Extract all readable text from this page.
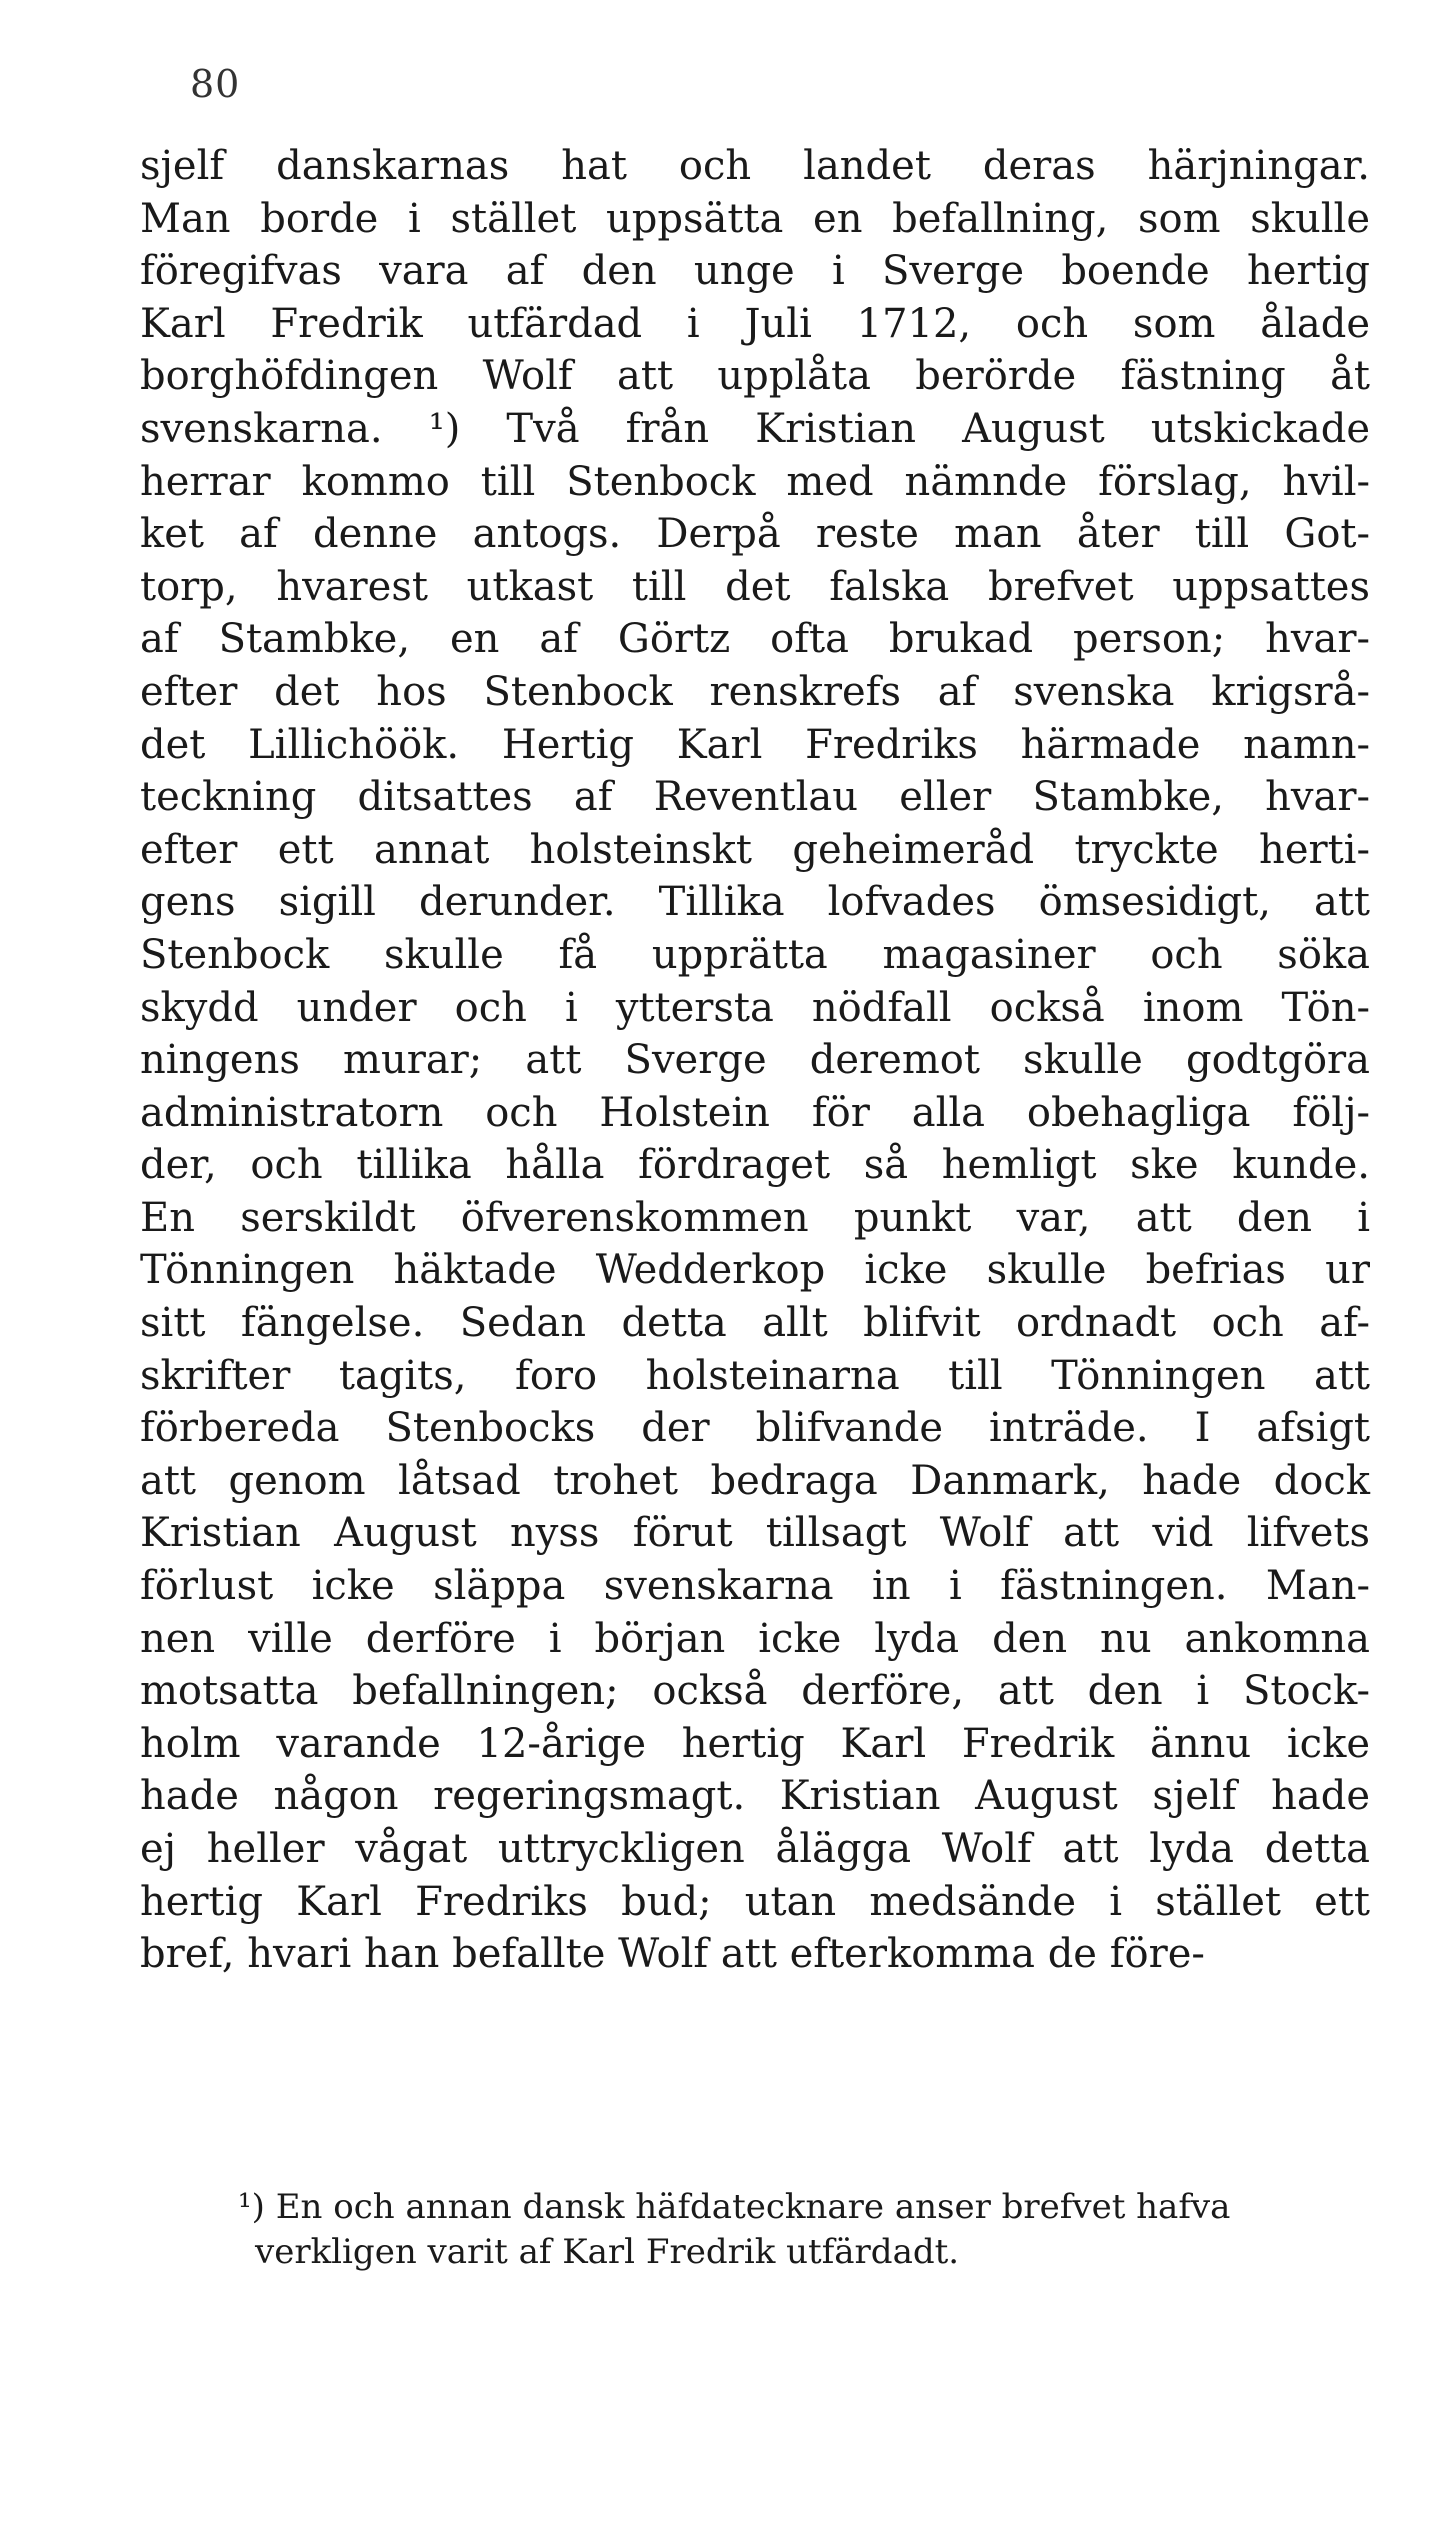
80
sjelf danskarnas hat och landet deras härjningar.
Man borde i stället uppsätta en befallning, som skulle
föregifvas vara af den unge i Sverge boende hertig
Karl Fredrik utfärdad i Juli 1712, och som ålade
borghöfdingen Wolf att upplåta berörde fästning åt
svenskarna. ¹) Två från Kristian August utskickade
herrar kommo till Stenbock med nämnde förslag, hvil-
ket af denne antogs. Derpå reste man åter till Got-
torp, hvarest utkast till det falska brefvet uppsattes
af Stambke, en af Görtz ofta brukad person; hvar-
efter det hos Stenbock renskrefs af svenska krigsrå-
det Lillichöök. Hertig Karl Fredriks härmade namn-
teckning ditsattes af Reventlau eller Stambke, hvar-
efter ett annat holsteinskt geheimeråd tryckte herti-
gens sigill derunder. Tillika lofvades ömsesidigt, att
Stenbock skulle få upprätta magasiner och söka
skydd under och i yttersta nödfall också inom Tön-
ningens murar; att Sverge deremot skulle godtgöra
administratorn och Holstein för alla obehagliga följ-
der, och tillika hålla fördraget så hemligt ske kunde.
En serskildt öfverenskommen punkt var, att den i
Tönningen häktade Wedderkop icke skulle befrias ur
sitt fängelse. Sedan detta allt blifvit ordnadt och af-
skrifter tagits, foro holsteinarna till Tönningen att
förbereda Stenbocks der blifvande inträde. I afsigt
att genom låtsad trohet bedraga Danmark, hade dock
Kristian August nyss förut tillsagt Wolf att vid lifvets
förlust icke släppa svenskarna in i fästningen. Man-
nen ville derföre i början icke lyda den nu ankomna
motsatta befallningen; också derföre, att den i Stock-
holm varande 12-årige hertig Karl Fredrik ännu icke
hade någon regeringsmagt. Kristian August sjelf hade
ej heller vågat uttryckligen ålägga Wolf att lyda detta
hertig Karl Fredriks bud; utan medsände i stället ett
bref, hvari han befallte Wolf att efterkomma de före-
¹) En och annan dansk häfdatecknare anser brefvet hafva
verkligen varit af Karl Fredrik utfärdadt.
